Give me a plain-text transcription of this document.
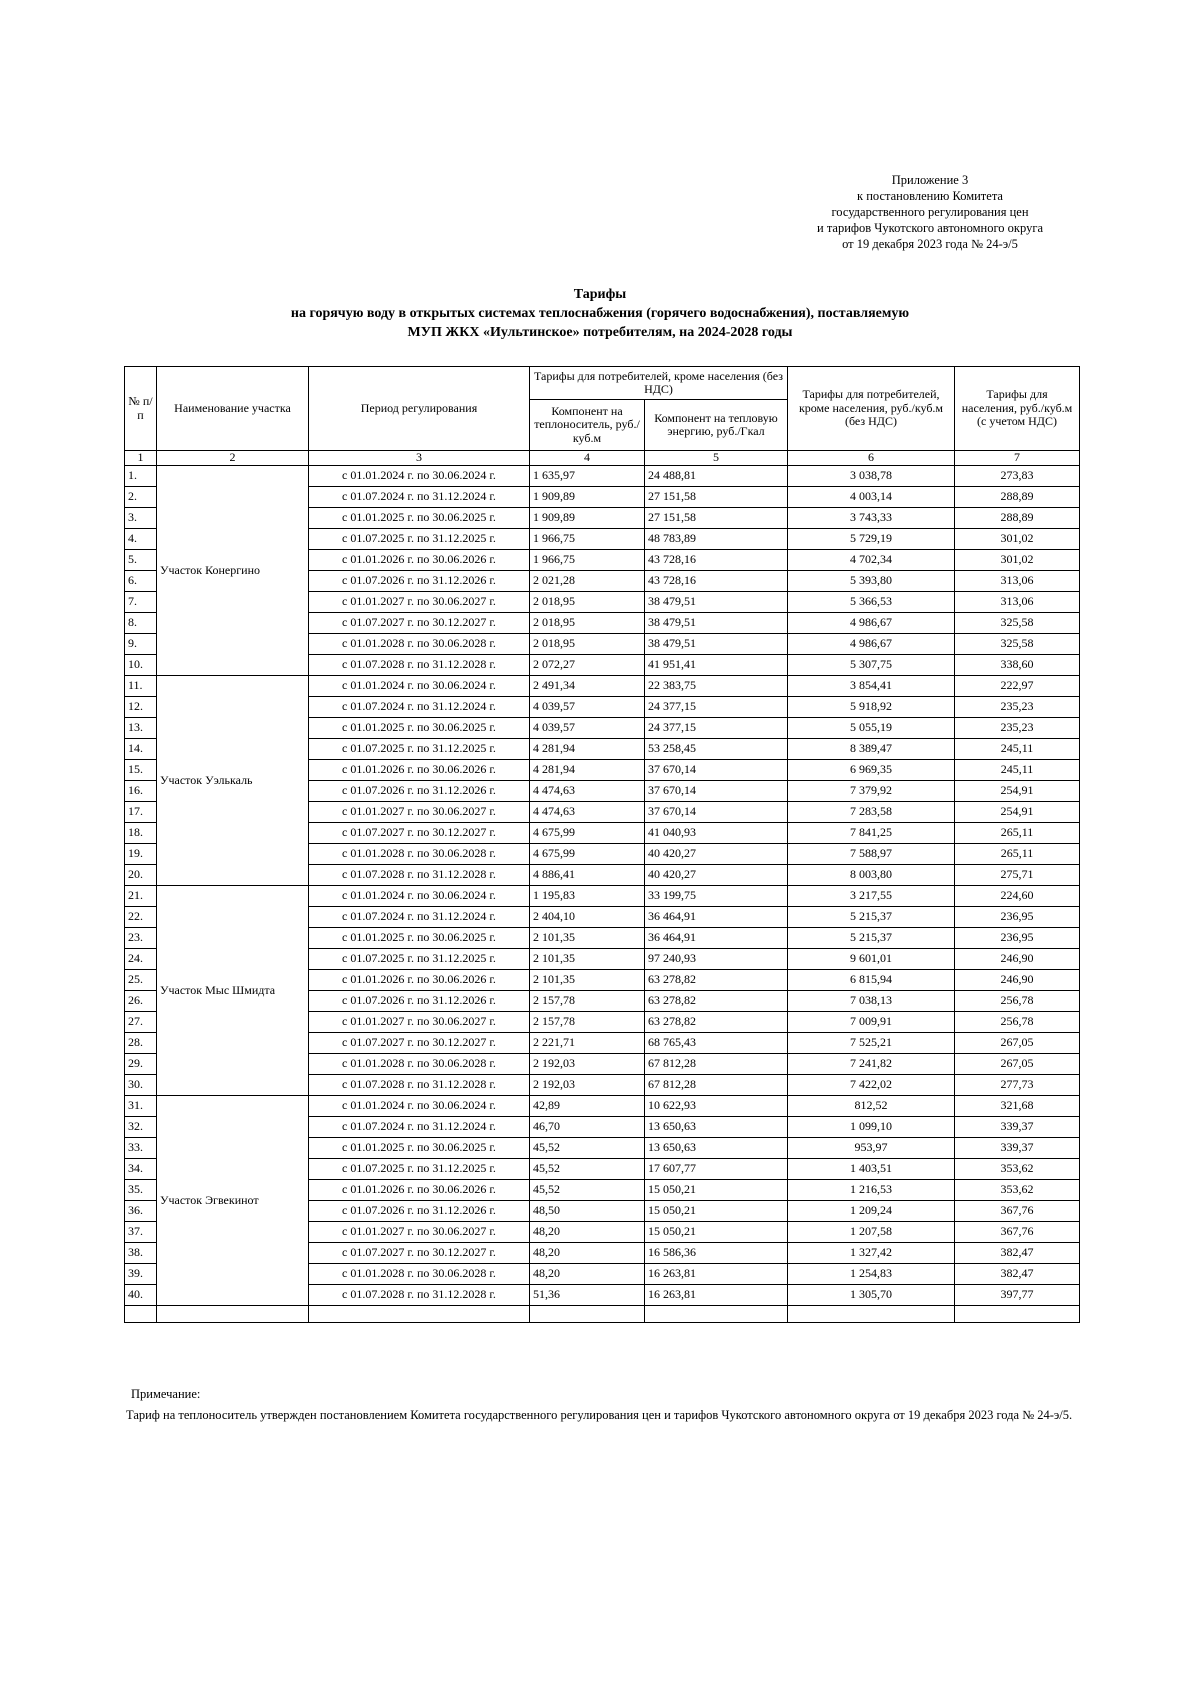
Приложение 3
к постановлению Комитета
государственного регулирования цен
и тарифов Чукотского автономного округа
от 19 декабря 2023 года № 24-э/5
Тарифы
на горячую воду в открытых системах теплоснабжения (горячего водоснабжения), поставляемую
МУП ЖКХ «Иультинское» потребителям, на 2024-2028 годы
№ п/п	Наименование участка	Период регулирования	Тарифы для потребителей, кроме населения (без НДС)		Тарифы для потребителей, кроме населения, руб./куб.м (без НДС)	Тарифы для населения, руб./куб.м (с учетом НДС)
			Компонент на теплоноситель, руб./куб.м	Компонент на тепловую энергию, руб./Гкал		
1	2	3	4	5	6	7
1.	Участок Конергино	с 01.01.2024 г. по 30.06.2024 г.	1 635,97	24 488,81	3 038,78	273,83
2.		с 01.07.2024 г. по 31.12.2024 г.	1 909,89	27 151,58	4 003,14	288,89
3.		с 01.01.2025 г. по 30.06.2025 г.	1 909,89	27 151,58	3 743,33	288,89
4.		с 01.07.2025 г. по 31.12.2025 г.	1 966,75	48 783,89	5 729,19	301,02
5.		с 01.01.2026 г. по 30.06.2026 г.	1 966,75	43 728,16	4 702,34	301,02
6.		с 01.07.2026 г. по 31.12.2026 г.	2 021,28	43 728,16	5 393,80	313,06
7.		с 01.01.2027 г. по 30.06.2027 г.	2 018,95	38 479,51	5 366,53	313,06
8.		с 01.07.2027 г. по 30.12.2027 г.	2 018,95	38 479,51	4 986,67	325,58
9.		с 01.01.2028 г. по 30.06.2028 г.	2 018,95	38 479,51	4 986,67	325,58
10.		с 01.07.2028 г. по 31.12.2028 г.	2 072,27	41 951,41	5 307,75	338,60
11.	Участок Уэлькаль	с 01.01.2024 г. по 30.06.2024 г.	2 491,34	22 383,75	3 854,41	222,97
12.		с 01.07.2024 г. по 31.12.2024 г.	4 039,57	24 377,15	5 918,92	235,23
13.		с 01.01.2025 г. по 30.06.2025 г.	4 039,57	24 377,15	5 055,19	235,23
14.		с 01.07.2025 г. по 31.12.2025 г.	4 281,94	53 258,45	8 389,47	245,11
15.		с 01.01.2026 г. по 30.06.2026 г.	4 281,94	37 670,14	6 969,35	245,11
16.		с 01.07.2026 г. по 31.12.2026 г.	4 474,63	37 670,14	7 379,92	254,91
17.		с 01.01.2027 г. по 30.06.2027 г.	4 474,63	37 670,14	7 283,58	254,91
18.		с 01.07.2027 г. по 30.12.2027 г.	4 675,99	41 040,93	7 841,25	265,11
19.		с 01.01.2028 г. по 30.06.2028 г.	4 675,99	40 420,27	7 588,97	265,11
20.		с 01.07.2028 г. по 31.12.2028 г.	4 886,41	40 420,27	8 003,80	275,71
21.	Участок Мыс Шмидта	с 01.01.2024 г. по 30.06.2024 г.	1 195,83	33 199,75	3 217,55	224,60
22.		с 01.07.2024 г. по 31.12.2024 г.	2 404,10	36 464,91	5 215,37	236,95
23.		с 01.01.2025 г. по 30.06.2025 г.	2 101,35	36 464,91	5 215,37	236,95
24.		с 01.07.2025 г. по 31.12.2025 г.	2 101,35	97 240,93	9 601,01	246,90
25.		с 01.01.2026 г. по 30.06.2026 г.	2 101,35	63 278,82	6 815,94	246,90
26.		с 01.07.2026 г. по 31.12.2026 г.	2 157,78	63 278,82	7 038,13	256,78
27.		с 01.01.2027 г. по 30.06.2027 г.	2 157,78	63 278,82	7 009,91	256,78
28.		с 01.07.2027 г. по 30.12.2027 г.	2 221,71	68 765,43	7 525,21	267,05
29.		с 01.01.2028 г. по 30.06.2028 г.	2 192,03	67 812,28	7 241,82	267,05
30.		с 01.07.2028 г. по 31.12.2028 г.	2 192,03	67 812,28	7 422,02	277,73
31.	Участок Эгвекинот	с 01.01.2024 г. по 30.06.2024 г.	42,89	10 622,93	812,52	321,68
32.		с 01.07.2024 г. по 31.12.2024 г.	46,70	13 650,63	1 099,10	339,37
33.		с 01.01.2025 г. по 30.06.2025 г.	45,52	13 650,63	953,97	339,37
34.		с 01.07.2025 г. по 31.12.2025 г.	45,52	17 607,77	1 403,51	353,62
35.		с 01.01.2026 г. по 30.06.2026 г.	45,52	15 050,21	1 216,53	353,62
36.		с 01.07.2026 г. по 31.12.2026 г.	48,50	15 050,21	1 209,24	367,76
37.		с 01.01.2027 г. по 30.06.2027 г.	48,20	15 050,21	1 207,58	367,76
38.		с 01.07.2027 г. по 30.12.2027 г.	48,20	16 586,36	1 327,42	382,47
39.		с 01.01.2028 г. по 30.06.2028 г.	48,20	16 263,81	1 254,83	382,47
40.		с 01.07.2028 г. по 31.12.2028 г.	51,36	16 263,81	1 305,70	397,77

Примечание:
Тариф на теплоноситель утвержден постановлением Комитета государственного регулирования цен и тарифов Чукотского автономного округа от 19 декабря 2023 года № 24-э/5.
